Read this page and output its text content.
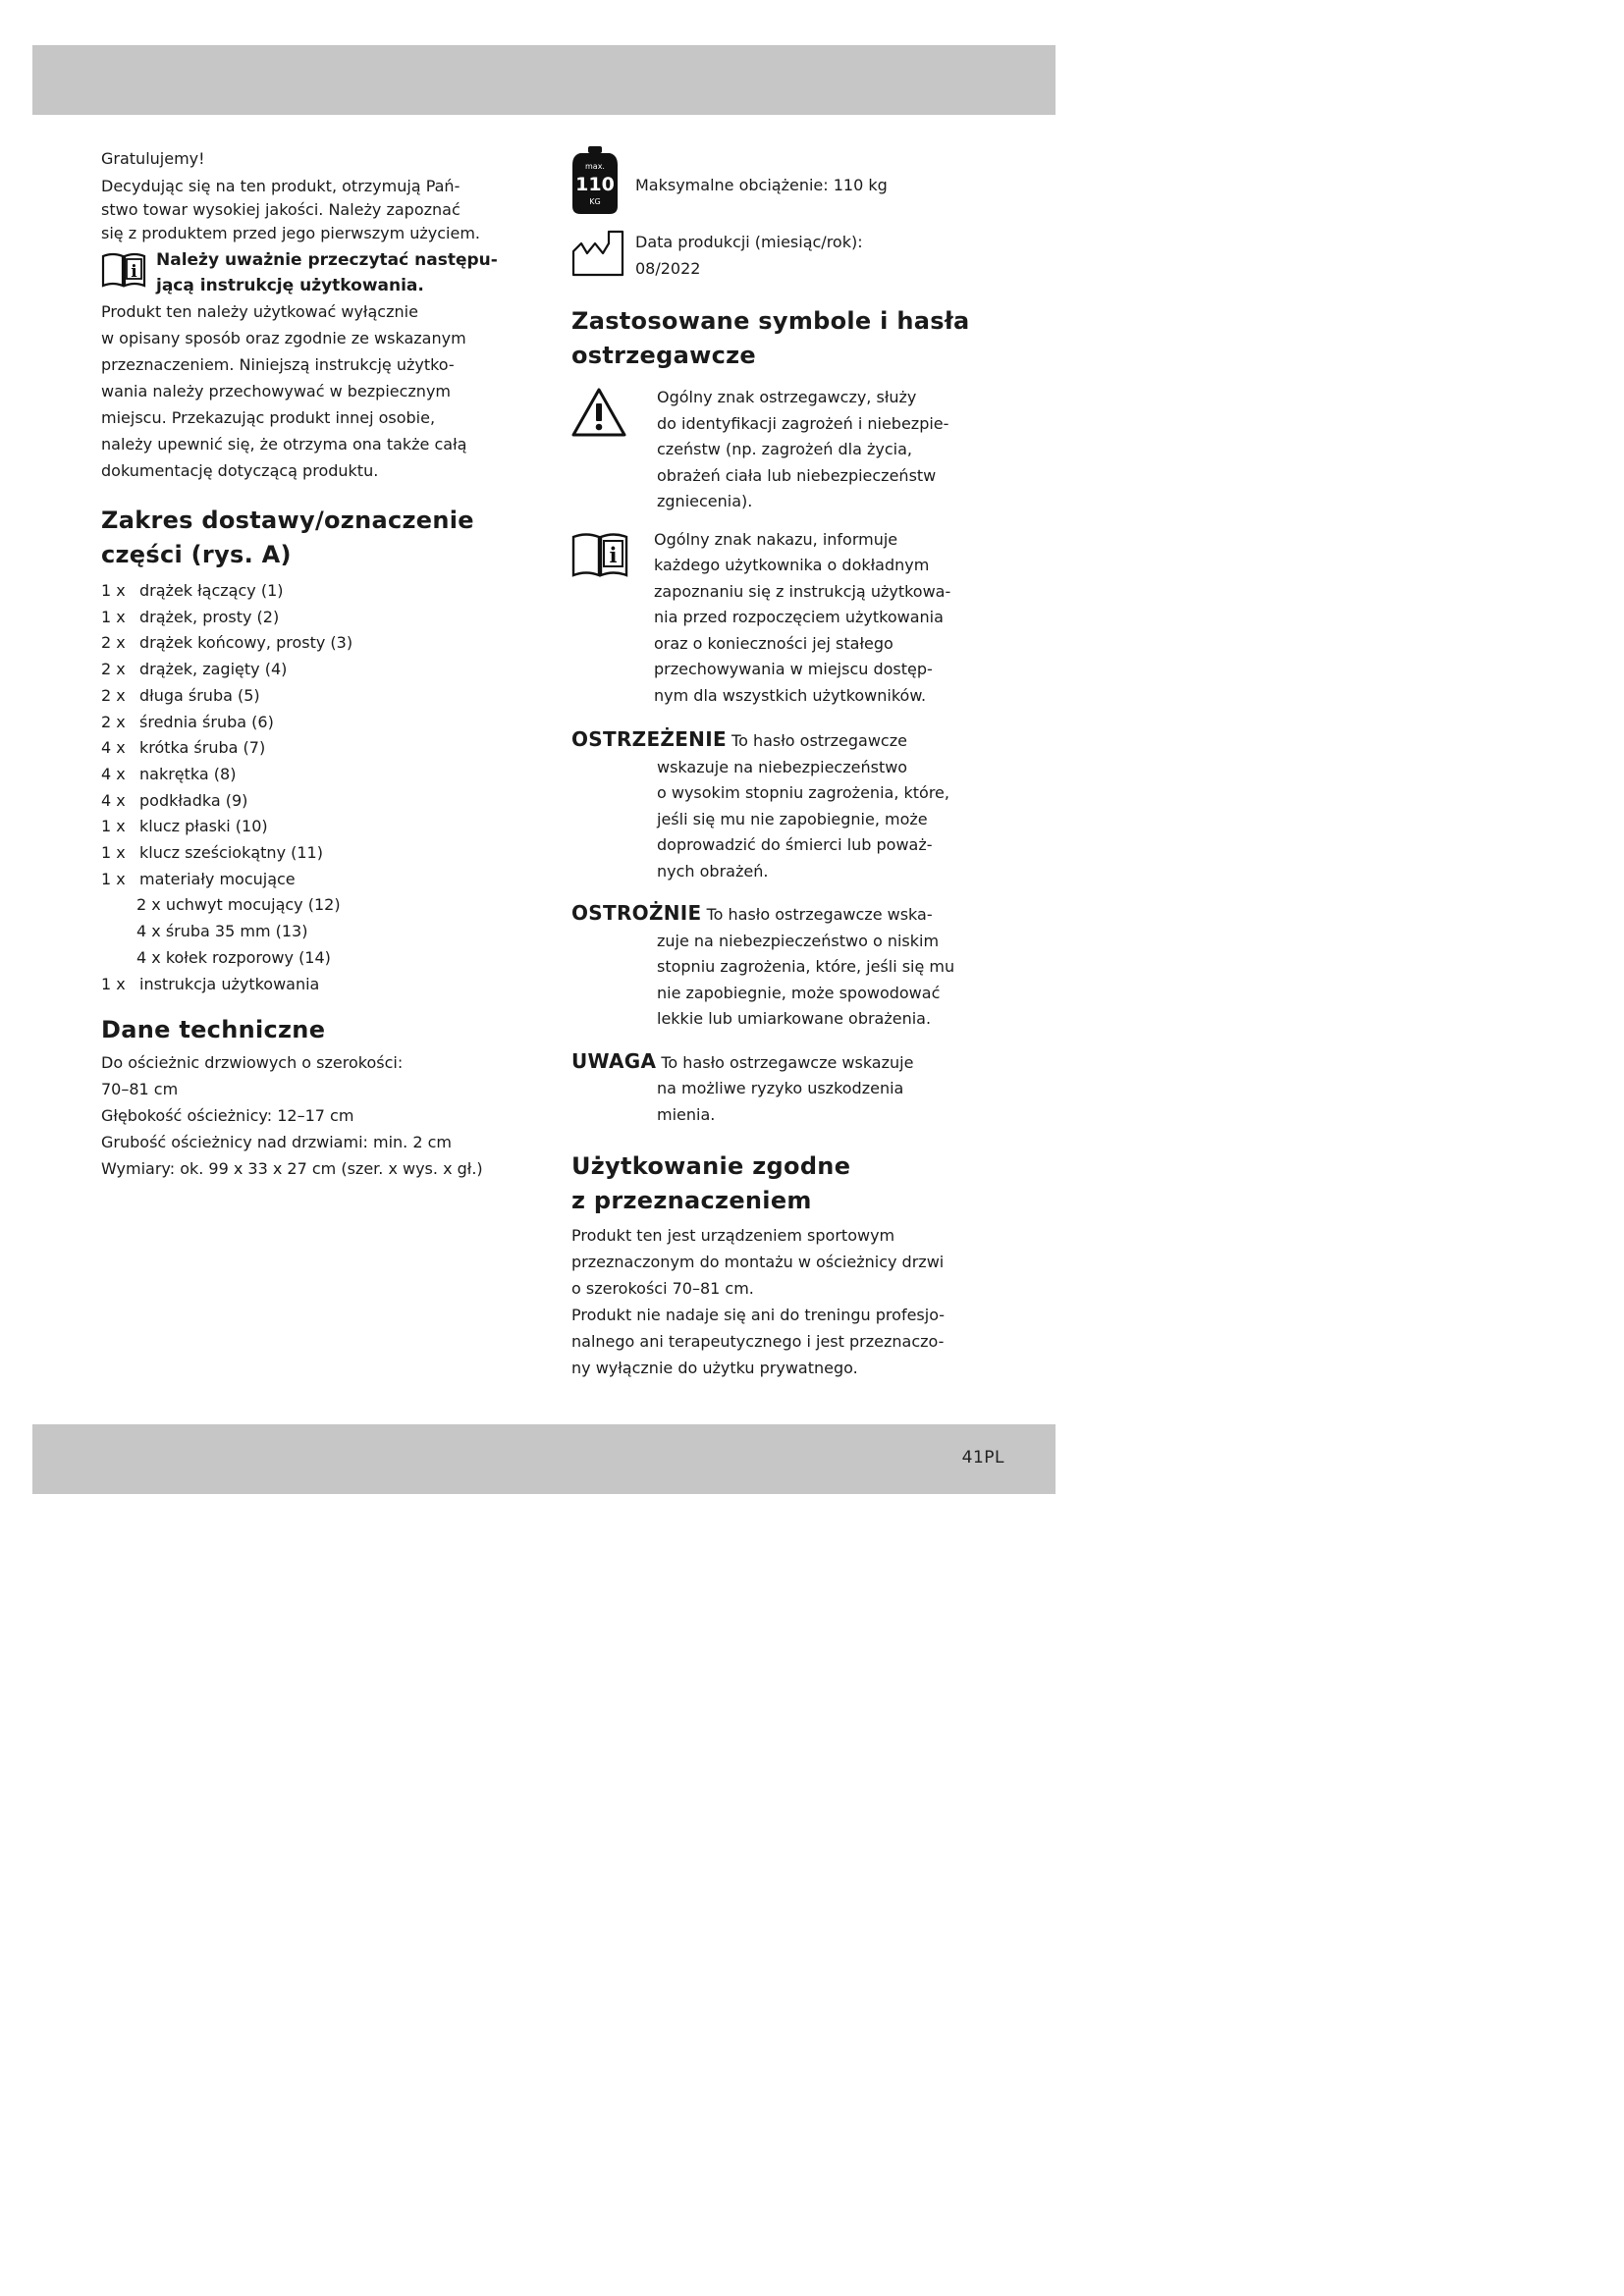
Gratulujemy!

Decydując się na ten produkt, otrzymują Pań-

stwo towar wysokiej jakości. Należy zapoznać

się z produktem przed jego pierwszym użyciem.

i
Należy uważnie przeczytać następu-
jącą instrukcję użytkowania.

Produkt ten należy użytkować wyłącznie

w opisany sposób oraz zgodnie ze wskazanym

przeznaczeniem. Niniejszą instrukcję użytko-

wania należy przechowywać w bezpiecznym

miejscu. Przekazując produkt innej osobie,

należy upewnić się, że otrzyma ona także całą

dokumentację dotyczącą produktu.

Zakres dostawy/oznaczenie
części (rys. A)
1 x drążek łączący (1)
1 x drążek, prosty (2)
2 x drążek końcowy, prosty (3)
2 x drążek, zagięty (4)
2 x długa śruba (5)
2 x średnia śruba (6)
4 x krótka śruba (7)
4 x nakrętka (8)
4 x podkładka (9)
1 x klucz płaski (10)
1 x klucz sześciokątny (11)
1 x materiały mocujące
2 x uchwyt mocujący (12)
4 x śruba 35 mm (13)
4 x kołek rozporowy (14)
1 x instrukcja użytkowania
Dane techniczne

Do ościeżnic drzwiowych o szerokości:

70–81 cm

Głębokość ościeżnicy: 12–17 cm

Grubość ościeżnicy nad drzwiami: min. 2 cm

Wymiary: ok. 99 x 33 x 27 cm (szer. x wys. x gł.)

max.
110
KG
Maksymalne obciążenie: 110 kg
Data produkcji (miesiąc/rok):
08/2022
Zastosowane symbole i hasła
ostrzegawcze
Ogólny znak ostrzegawczy, służy
do identyfikacji zagrożeń i niebezpie-
czeństw (np. zagrożeń dla życia,
obrażeń ciała lub niebezpieczeństw
zgniecenia).
i
Ogólny znak nakazu, informuje
każdego użytkownika o dokładnym
zapoznaniu się z instrukcją użytkowa-
nia przed rozpoczęciem użytkowania
oraz o konieczności jej stałego
przechowywania w miejscu dostęp-
nym dla wszystkich użytkowników.
OSTRZEŻENIE To hasło ostrzegawcze
wskazuje na niebezpieczeństwo
o wysokim stopniu zagrożenia, które,
jeśli się mu nie zapobiegnie, może
doprowadzić do śmierci lub poważ-
nych obrażeń.
OSTROŻNIE To hasło ostrzegawcze wska-
zuje na niebezpieczeństwo o niskim
stopniu zagrożenia, które, jeśli się mu
nie zapobiegnie, może spowodować
lekkie lub umiarkowane obrażenia.
UWAGA To hasło ostrzegawcze wskazuje
na możliwe ryzyko uszkodzenia
mienia.
Użytkowanie zgodne
z przeznaczeniem

Produkt ten jest urządzeniem sportowym

przeznaczonym do montażu w ościeżnicy drzwi

o szerokości 70–81 cm.

Produkt nie nadaje się ani do treningu profesjo-

nalnego ani terapeutycznego i jest przeznaczo-

ny wyłącznie do użytku prywatnego.

41PL
